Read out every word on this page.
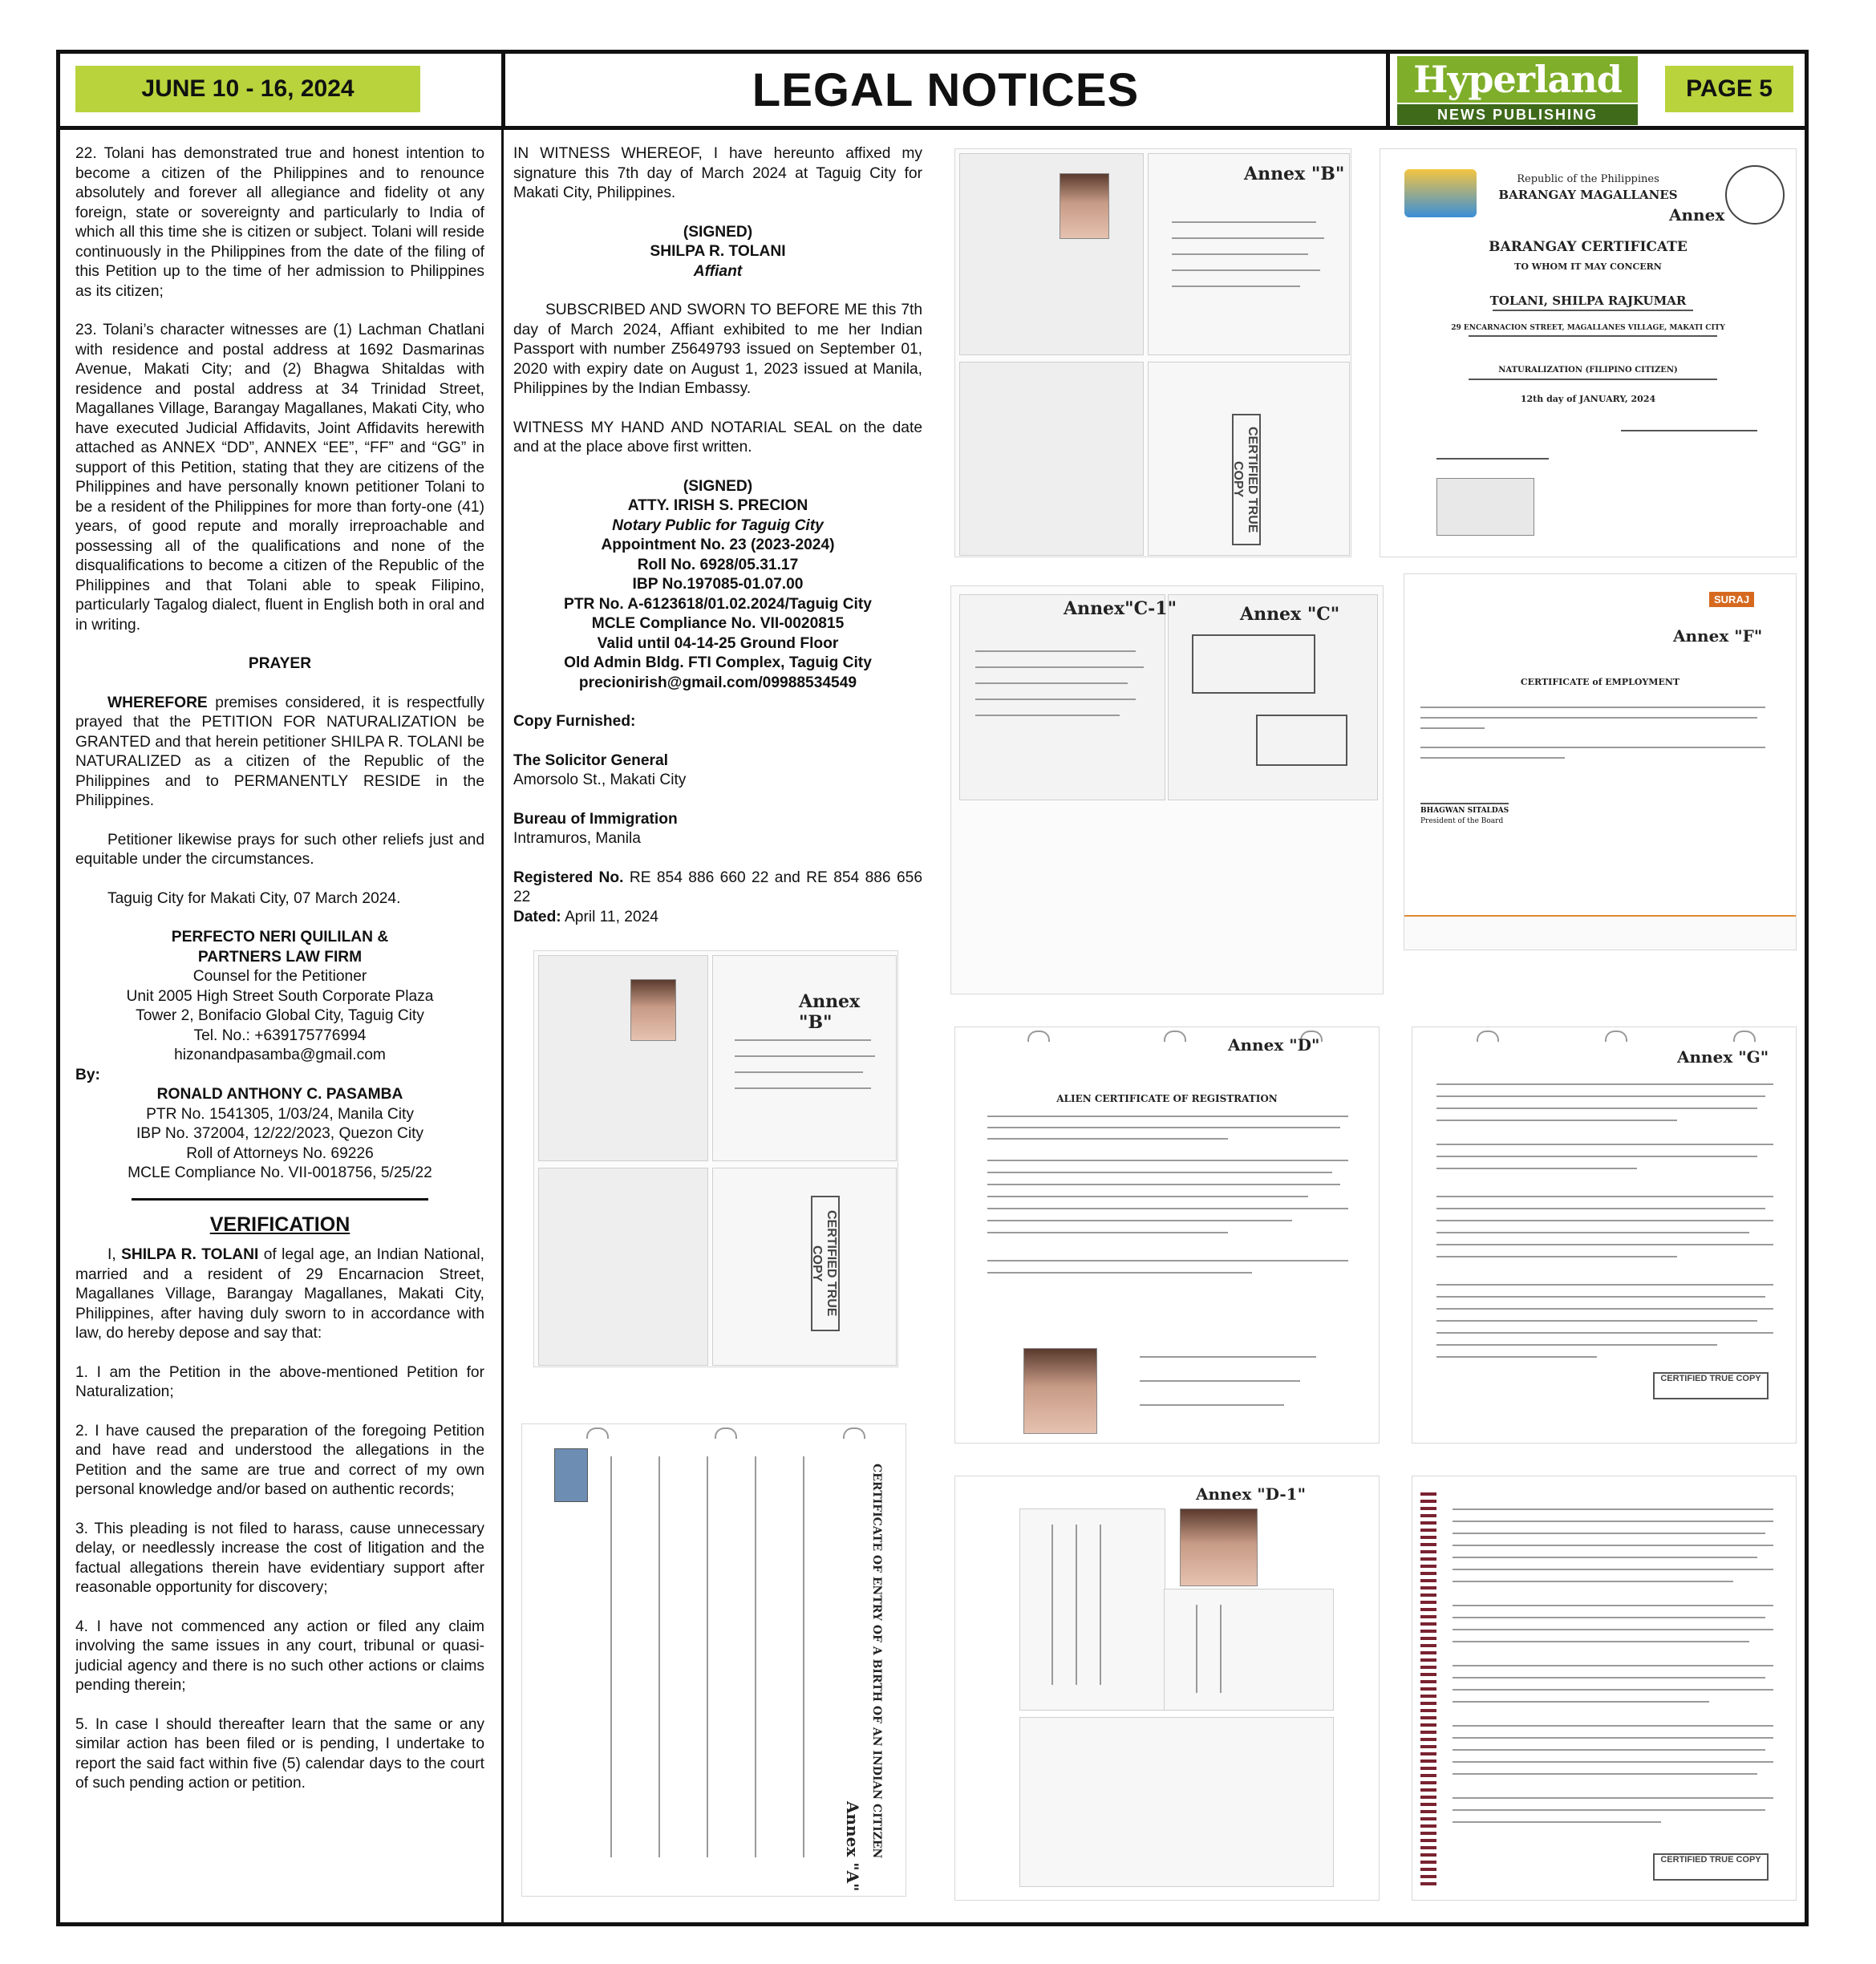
JUNE 10 - 16, 2024	LEGAL NOTICES	Hyperland
NEWS PUBLISHING
PAGE 5

22. Tolani has demonstrated true and honest intention to become a citizen of the Philippines and to renounce absolutely and forever all allegiance and fidelity ot any foreign, state or sovereignty and particularly to India of which all this time she is citizen or subject. Tolani will reside continuously in the Philippines from the date of the filing of this Petition up to the time of her admission to Philippines as its citizen;

23. Tolani’s character witnesses are (1) Lachman Chatlani with residence and postal address at 1692 Dasmarinas Avenue, Makati City; and (2) Bhagwa Shitaldas with residence and postal address at 34 Trinidad Street, Magallanes Village, Barangay Magallanes, Makati City, who have executed Judicial Affidavits, Joint Affidavits herewith attached as ANNEX “DD”, ANNEX “EE”, “FF” and “GG” in support of this Petition, stating that they are citizens of the Philippines and have personally known petitioner Tolani to be a resident of the Philippines for more than forty-one (41) years, of good repute and morally irreproachable and possessing all of the qualifications and none of the disqualifications to become a citizen of the Republic of the Philippines and that Tolani able to speak Filipino, particularly Tagalog dialect, fluent in English both in oral and in writing.

PRAYER

WHEREFORE premises considered, it is respectfully prayed that the PETITION FOR NATURALIZATION be GRANTED and that herein petitioner SHILPA R. TOLANI be NATURALIZED as a citizen of the Republic of the Philippines and to PERMANENTLY RESIDE in the Philippines.

Petitioner likewise prays for such other reliefs just and equitable under the circumstances.

Taguig City for Makati City, 07 March 2024.

PERFECTO NERI QUILILAN &

PARTNERS LAW FIRM

Counsel for the Petitioner

Unit 2005 High Street South Corporate Plaza

Tower 2, Bonifacio Global City, Taguig City

Tel. No.: +639175776994

hizonandpasamba@gmail.com

By:

RONALD ANTHONY C. PASAMBA

PTR No. 1541305, 1/03/24, Manila City

IBP No. 372004, 12/22/2023, Quezon City

Roll of Attorneys No. 69226

MCLE Compliance No. VII-0018756, 5/25/22

VERIFICATION

I, SHILPA R. TOLANI of legal age, an Indian National, married and a resident of 29 Encarnacion Street, Magallanes Village, Barangay Magallanes, Makati City, Philippines, after having duly sworn to in accordance with law, do hereby depose and say that:

1. I am the Petition in the above-mentioned Petition for Naturalization;

2. I have caused the preparation of the foregoing Petition and have read and understood the allegations in the Petition and the same are true and correct of my own personal knowledge and/or based on authentic records;

3. This pleading is not filed to harass, cause unnecessary delay, or needlessly increase the cost of litigation and the factual allegations therein have evidentiary support after reasonable opportunity for discovery;

4. I have not commenced any action or filed any claim involving the same issues in any court, tribunal or quasi-judicial agency and there is no such other actions or claims pending therein;

5. In case I should thereafter learn that the same or any similar action has been filed or is pending, I undertake to report the said fact within five (5) calendar days to the court of such pending action or petition.

IN WITNESS WHEREOF, I have hereunto affixed my signature this 7th day of March 2024 at Taguig City for Makati City, Philippines.

(SIGNED)

SHILPA R. TOLANI

Affiant

SUBSCRIBED AND SWORN TO BEFORE ME this 7th day of March 2024, Affiant exhibited to me her Indian Passport with number Z5649793 issued on September 01, 2020 with expiry date on August 1, 2023 issued at Manila, Philippines by the Indian Embassy.

WITNESS MY HAND AND NOTARIAL SEAL on the date and at the place above first written.

(SIGNED)

ATTY. IRISH S. PRECION

Notary Public for Taguig City

Appointment No. 23 (2023-2024)

Roll No. 6928/05.31.17

IBP No.197085-01.07.00

PTR No. A-6123618/01.02.2024/Taguig City

MCLE Compliance No. VII-0020815

Valid until 04-14-25 Ground Floor

Old Admin Bldg. FTI Complex, Taguig City

precionirish@gmail.com/09988534549

Copy Furnished:

The Solicitor General

Amorsolo St., Makati City

Bureau of Immigration

Intramuros, Manila

Registered No. RE 854 886 660 22 and RE 854 886 656 22

Dated: April 11, 2024

Annex "B"
CERTIFIED TRUE COPY
Republic of the Philippines
BARANGAY MAGALLANES
Annex
BARANGAY CERTIFICATE
TO WHOM IT MAY CONCERN
TOLANI, SHILPA RAJKUMAR
29 ENCARNACION STREET, MAGALLANES VILLAGE, MAKATI CITY
NATURALIZATION (FILIPINO CITIZEN)
12th day of JANUARY, 2024
Annex"C-1"	Annex "C"
SURAJ
Annex "F"
CERTIFICATE of EMPLOYMENT
BHAGWAN SITALDAS
President of the Board
Annex "B"
CERTIFIED TRUE COPY
Annex "D"
ALIEN CERTIFICATE OF REGISTRATION
Annex "G"
CERTIFIED TRUE COPY
CERTIFICATE OF ENTRY OF A BIRTH OF AN INDIAN CITIZEN
Annex "A"
Annex "D-1"
CERTIFIED TRUE COPY
